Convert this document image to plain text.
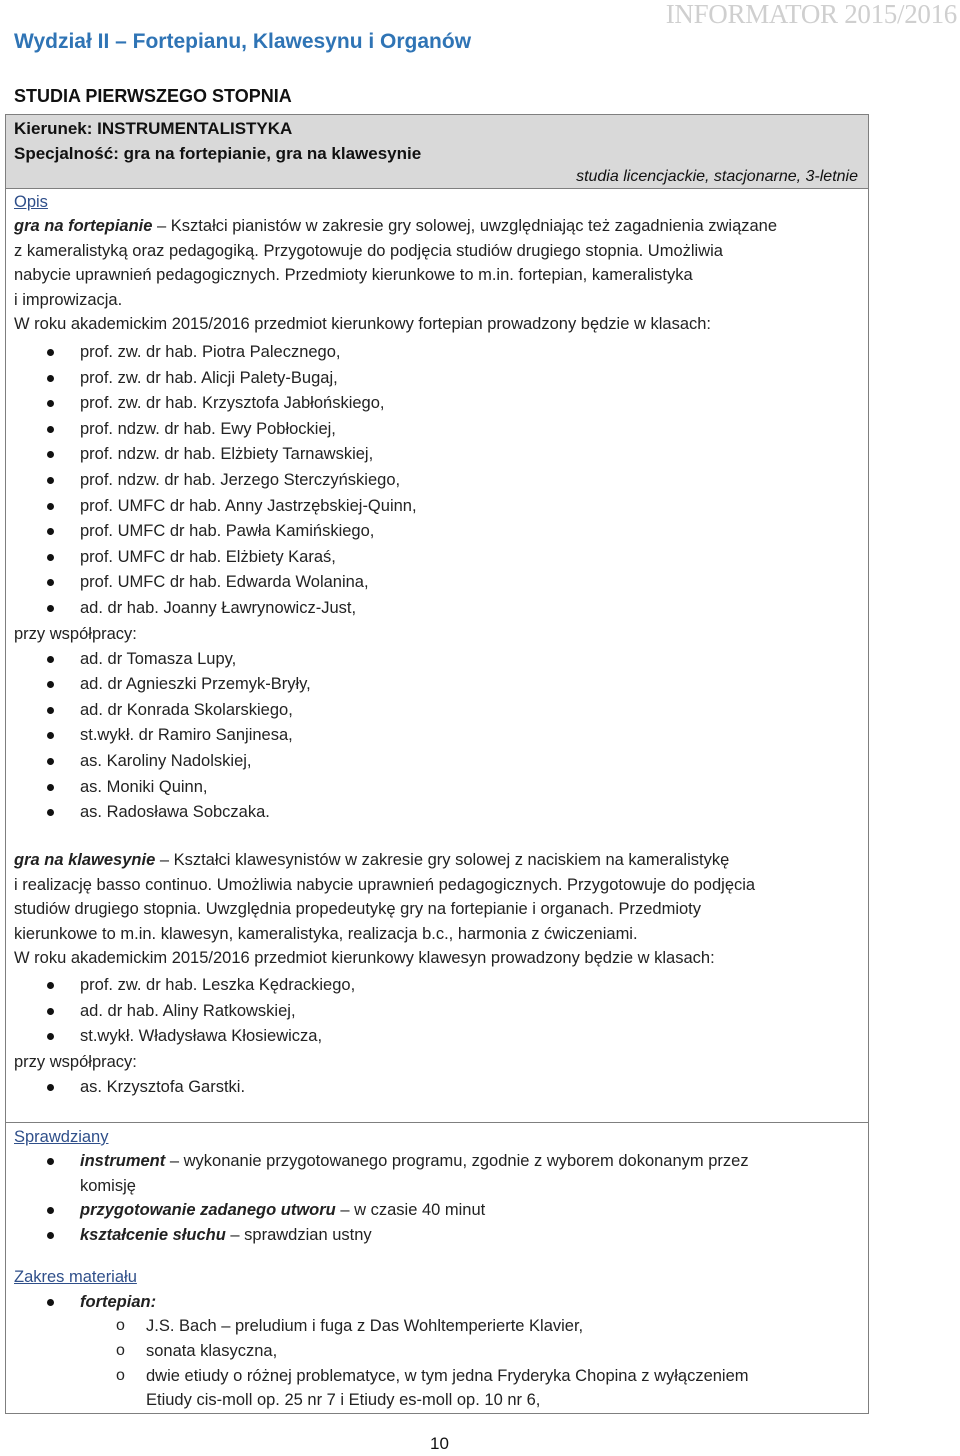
Wydział II – Fortepianu, Klawesynu i Organów
INFORMATOR 2015/2016
STUDIA PIERWSZEGO STOPNIA
Kierunek: INSTRUMENTALISTYKA
Specjalność: gra na fortepianie, gra na klawesynie
studia licencjackie, stacjonarne, 3-letnie
Opis
gra na fortepianie – Kształci pianistów w zakresie gry solowej, uwzględniając też zagadnienia związane
z kameralistyką oraz pedagogiką. Przygotowuje do podjęcia studiów drugiego stopnia. Umożliwia
nabycie uprawnień pedagogicznych. Przedmioty kierunkowe to m.in. fortepian, kameralistyka
i improwizacja.
W roku akademickim 2015/2016 przedmiot kierunkowy fortepian prowadzony będzie w klasach:
prof. zw. dr hab. Piotra Palecznego,
prof. zw. dr hab. Alicji Palety-Bugaj,
prof. zw. dr hab. Krzysztofa Jabłońskiego,
prof. ndzw. dr hab. Ewy Pobłockiej,
prof. ndzw. dr hab. Elżbiety Tarnawskiej,
prof. ndzw. dr hab. Jerzego Sterczyńskiego,
prof. UMFC dr hab. Anny Jastrzębskiej-Quinn,
prof. UMFC dr hab. Pawła Kamińskiego,
prof. UMFC dr hab. Elżbiety Karaś,
prof. UMFC dr hab. Edwarda Wolanina,
ad. dr hab. Joanny Ławrynowicz-Just,
przy współpracy:
ad. dr Tomasza Lupy,
ad. dr Agnieszki Przemyk-Bryły,
ad. dr Konrada Skolarskiego,
st.wykł. dr Ramiro Sanjinesa,
as. Karoliny Nadolskiej,
as. Moniki Quinn,
as. Radosława Sobczaka.
gra na klawesynie – Kształci klawesynistów w zakresie gry solowej z naciskiem na kameralistykę
i realizację basso continuo. Umożliwia nabycie uprawnień pedagogicznych. Przygotowuje do podjęcia
studiów drugiego stopnia. Uwzględnia propedeutykę gry na fortepianie i organach. Przedmioty
kierunkowe to m.in. klawesyn, kameralistyka, realizacja b.c., harmonia z ćwiczeniami.
W roku akademickim 2015/2016 przedmiot kierunkowy klawesyn prowadzony będzie w klasach:
prof. zw. dr hab. Leszka Kędrackiego,
ad. dr hab. Aliny Ratkowskiej,
st.wykł. Władysława Kłosiewicza,
przy współpracy:
as. Krzysztofa Garstki.
Sprawdziany
instrument – wykonanie przygotowanego programu, zgodnie z wyborem dokonanym przez
komisję
przygotowanie zadanego utworu – w czasie 40 minut
kształcenie słuchu – sprawdzian ustny
Zakres materiału
fortepian:
o J.S. Bach – preludium i fuga z Das Wohltemperierte Klavier,
o sonata klasyczna,
o dwie etiudy o różnej problematyce, w tym jedna Fryderyka Chopina z wyłączeniem
Etiudy cis-moll op. 25 nr 7 i Etiudy es-moll op. 10 nr 6,
10
